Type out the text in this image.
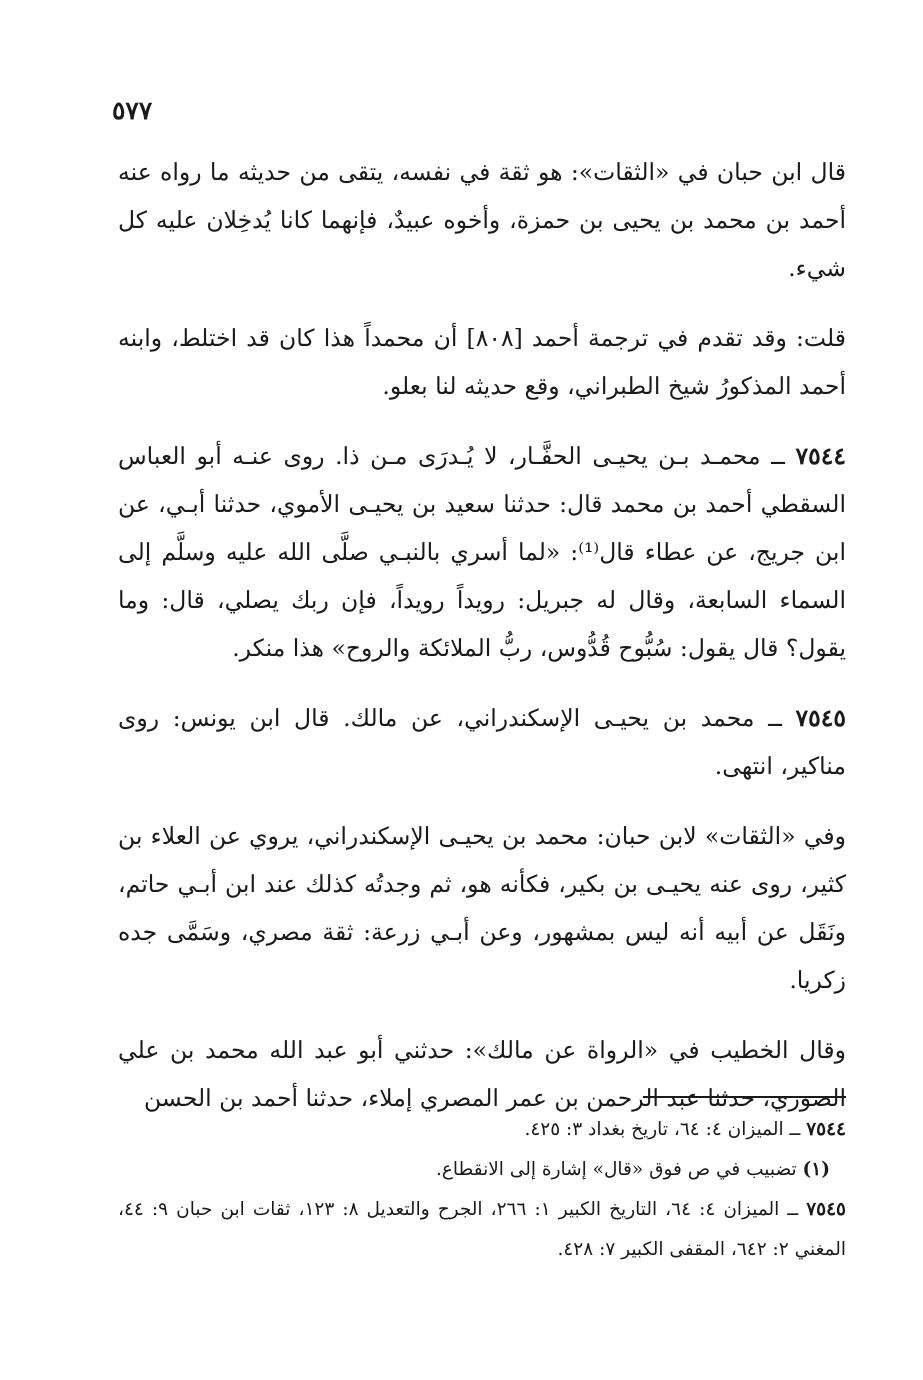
٥٧٧

قال ابن حبان في «الثقات»: هو ثقة في نفسه، يتقى من حديثه ما رواه عنه أحمد بن محمد بن يحيى بن حمزة، وأخوه عبيدٌ، فإنهما كانا يُدخِلان عليه كل شيء.

قلت: وقد تقدم في ترجمة أحمد [٨٠٨] أن محمداً هذا كان قد اختلط، وابنه أحمد المذكورُ شيخ الطبراني، وقع حديثه لنا بعلو.

٧٥٤٤ ــ محمـد بـن يحيـى الحفَّـار، لا يُـدرَى مـن ذا. روى عنـه أبو العباس السقطي أحمد بن محمد قال: حدثنا سعيد بن يحيـى الأموي، حدثنا أبـي، عن ابن جريج، عن عطاء قال⁽¹⁾: «لما أسري بالنبـي صلَّى الله عليه وسلَّم إلى السماء السابعة، وقال له جبريل: رويداً رويداً، فإن ربك يصلي، قال: وما يقول؟ قال يقول: سُبُّوح قُدُّوس، ربُّ الملائكة والروح» هذا منكر.

٧٥٤٥ ــ محمد بن يحيـى الإسكندراني، عن مالك. قال ابن يونس: روى مناكير، انتهى.

وفي «الثقات» لابن حبان: محمد بن يحيـى الإسكندراني، يروي عن العلاء بن كثير، روى عنه يحيـى بن بكير، فكأنه هو، ثم وجدتُه كذلك عند ابن أبـي حاتم، ونَقَل عن أبيه أنه ليس بمشهور، وعن أبـي زرعة: ثقة مصري، وسَمَّى جده زكريا.

وقال الخطيب في «الرواة عن مالك»: حدثني أبو عبد الله محمد بن علي الصوري، حدثنا عبد الرحمن بن عمر المصري إملاء، حدثنا أحمد بن الحسن

٧٥٤٤ ــ الميزان ٤: ٦٤، تاريخ بغداد ٣: ٤٢٥.

(١) تضبيب في ص فوق «قال» إشارة إلى الانقطاع.

٧٥٤٥ ــ الميزان ٤: ٦٤، التاريخ الكبير ١: ٢٦٦، الجرح والتعديل ٨: ١٢٣، ثقات ابن حبان ٩: ٤٤، المغني ٢: ٦٤٢، المقفى الكبير ٧: ٤٢٨.
